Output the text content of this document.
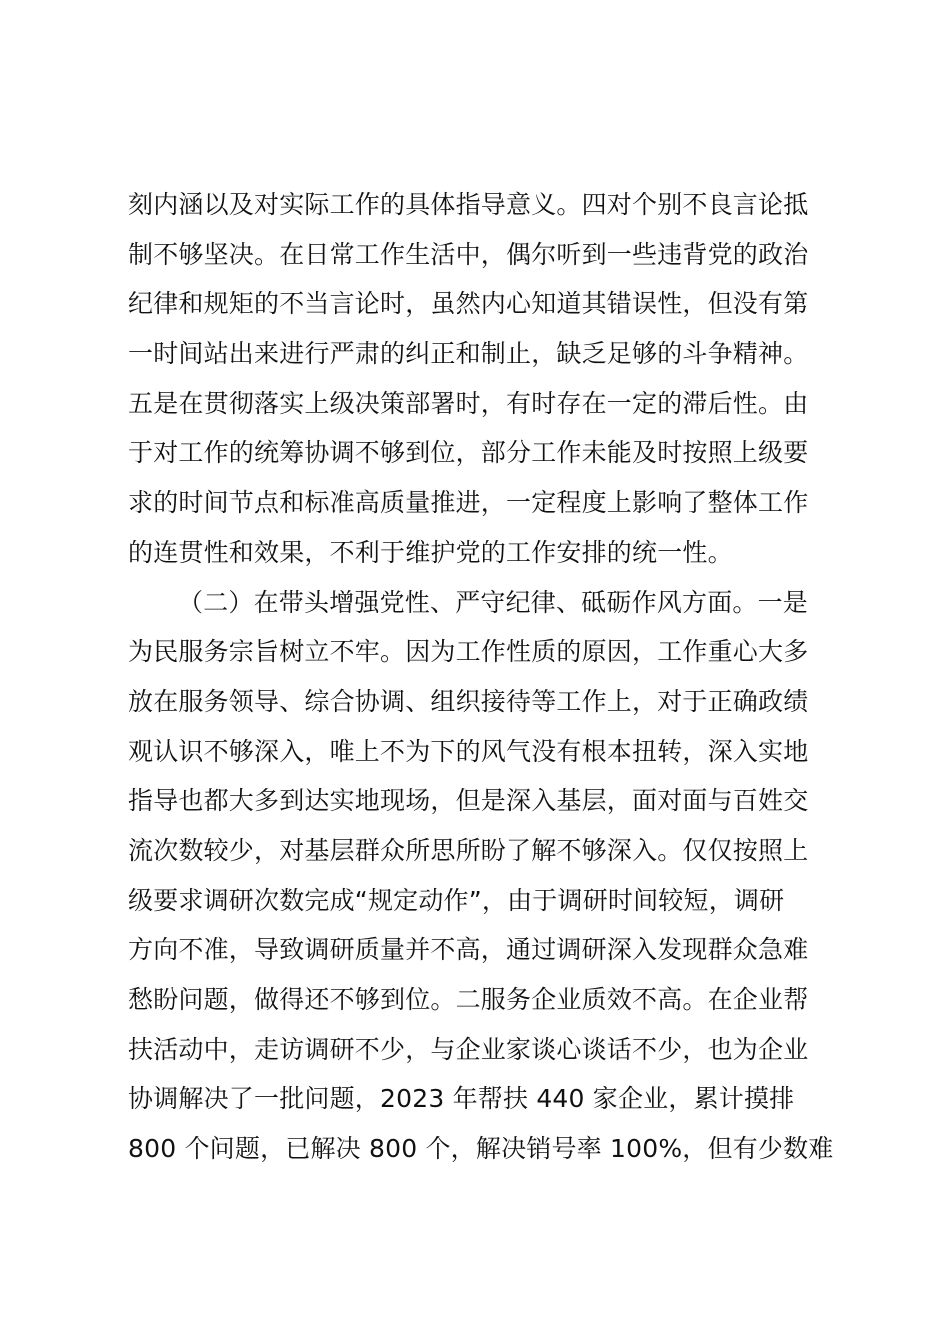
刻内涵以及对实际工作的具体指导意义。四对个别不良言论抵
制不够坚决。在日常工作生活中，偶尔听到一些违背党的政治
纪律和规矩的不当言论时，虽然内心知道其错误性，但没有第
一时间站出来进行严肃的纠正和制止，缺乏足够的斗争精神。
五是在贯彻落实上级决策部署时，有时存在一定的滞后性。由
于对工作的统筹协调不够到位，部分工作未能及时按照上级要
求的时间节点和标准高质量推进，一定程度上影响了整体工作
的连贯性和效果，不利于维护党的工作安排的统一性。
（二）在带头增强党性、严守纪律、砥砺作风方面。一是
为民服务宗旨树立不牢。因为工作性质的原因，工作重心大多
放在服务领导、综合协调、组织接待等工作上，对于正确政绩
观认识不够深入，唯上不为下的风气没有根本扭转，深入实地
指导也都大多到达实地现场，但是深入基层，面对面与百姓交
流次数较少，对基层群众所思所盼了解不够深入。仅仅按照上
级要求调研次数完成“规定动作”，由于调研时间较短，调研
方向不准，导致调研质量并不高，通过调研深入发现群众急难
愁盼问题，做得还不够到位。二服务企业质效不高。在企业帮
扶活动中，走访调研不少，与企业家谈心谈话不少，也为企业
协调解决了一批问题，2023 年帮扶 440 家企业，累计摸排
800 个问题，已解决 800 个，解决销号率 100%，但有少数难
